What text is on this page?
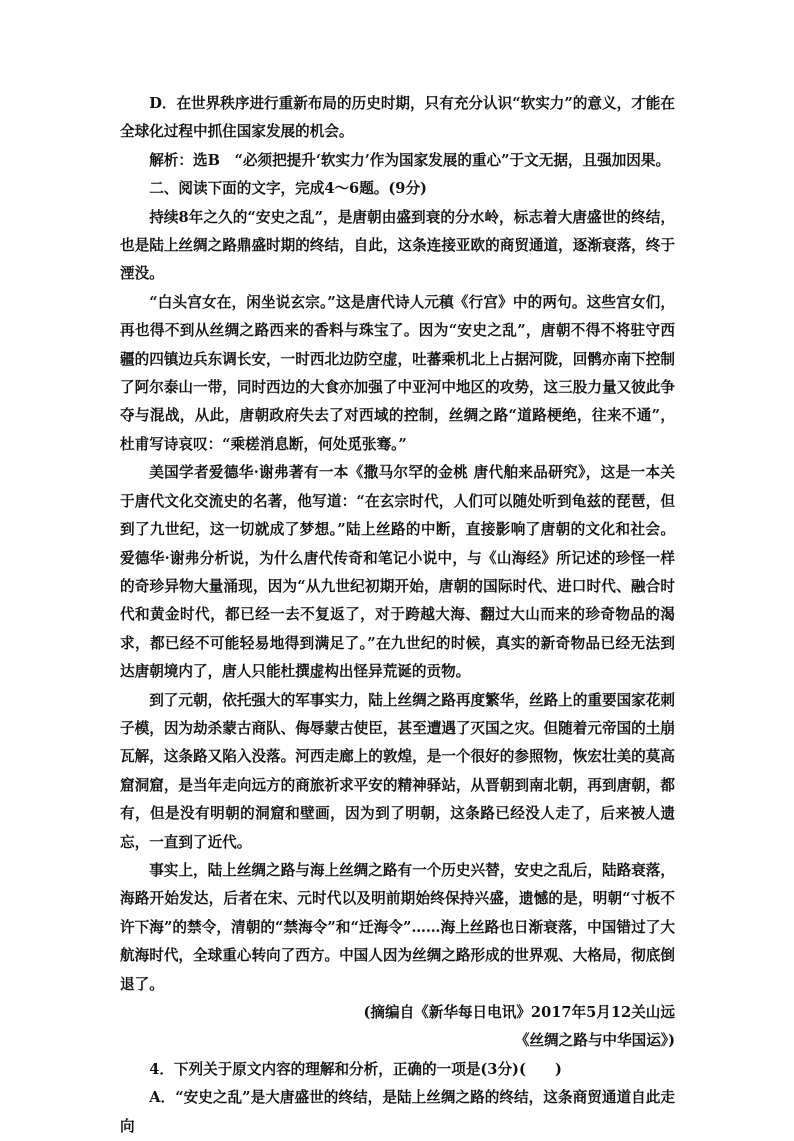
D．在世界秩序进行重新布局的历史时期，只有充分认识“软实力”的意义，才能在全球化过程中抓住国家发展的机会。

解析：选B　“必须把提升‘软实力’作为国家发展的重心”于文无据，且强加因果。

二、阅读下面的文字，完成4～6题。(9分)

持续8年之久的“安史之乱”，是唐朝由盛到衰的分水岭，标志着大唐盛世的终结，也是陆上丝绸之路鼎盛时期的终结，自此，这条连接亚欧的商贸通道，逐渐衰落，终于湮没。

“白头宫女在，闲坐说玄宗。”这是唐代诗人元稹《行宫》中的两句。这些宫女们，再也得不到从丝绸之路西来的香料与珠宝了。因为“安史之乱”，唐朝不得不将驻守西疆的四镇边兵东调长安，一时西北边防空虚，吐蕃乘机北上占据河陇，回鹘亦南下控制了阿尔泰山一带，同时西边的大食亦加强了中亚河中地区的攻势，这三股力量又彼此争夺与混战，从此，唐朝政府失去了对西域的控制，丝绸之路“道路梗绝，往来不通”，杜甫写诗哀叹：“乘槎消息断，何处觅张骞。”

美国学者爱德华·谢弗著有一本《撒马尔罕的金桃 唐代舶来品研究》，这是一本关于唐代文化交流史的名著，他写道：“在玄宗时代，人们可以随处听到龟兹的琵琶，但到了九世纪，这一切就成了梦想。”陆上丝路的中断，直接影响了唐朝的文化和社会。爱德华·谢弗分析说，为什么唐代传奇和笔记小说中，与《山海经》所记述的珍怪一样的奇珍异物大量涌现，因为“从九世纪初期开始，唐朝的国际时代、进口时代、融合时代和黄金时代，都已经一去不复返了，对于跨越大海、翻过大山而来的珍奇物品的渴求，都已经不可能轻易地得到满足了。”在九世纪的时候，真实的新奇物品已经无法到达唐朝境内了，唐人只能杜撰虚构出怪异荒诞的贡物。

到了元朝，依托强大的军事实力，陆上丝绸之路再度繁华，丝路上的重要国家花刺子模，因为劫杀蒙古商队、侮辱蒙古使臣，甚至遭遇了灭国之灾。但随着元帝国的土崩瓦解，这条路又陷入没落。河西走廊上的敦煌，是一个很好的参照物，恢宏壮美的莫高窟洞窟，是当年走向远方的商旅祈求平安的精神驿站，从晋朝到南北朝，再到唐朝，都有，但是没有明朝的洞窟和壁画，因为到了明朝，这条路已经没人走了，后来被人遗忘，一直到了近代。

事实上，陆上丝绸之路与海上丝绸之路有一个历史兴替，安史之乱后，陆路衰落，海路开始发达，后者在宋、元时代以及明前期始终保持兴盛，遗憾的是，明朝“寸板不许下海”的禁令，清朝的“禁海令”和“迁海令”……海上丝路也日渐衰落，中国错过了大航海时代，全球重心转向了西方。中国人因为丝绸之路形成的世界观、大格局，彻底倒退了。

(摘编自《新华每日电讯》2017年5月12关山远

《丝绸之路与中华国运》)

4．下列关于原文内容的理解和分析，正确的一项是(3分)(　　)

A．“安史之乱”是大唐盛世的终结，是陆上丝绸之路的终结，这条商贸通道自此走向
